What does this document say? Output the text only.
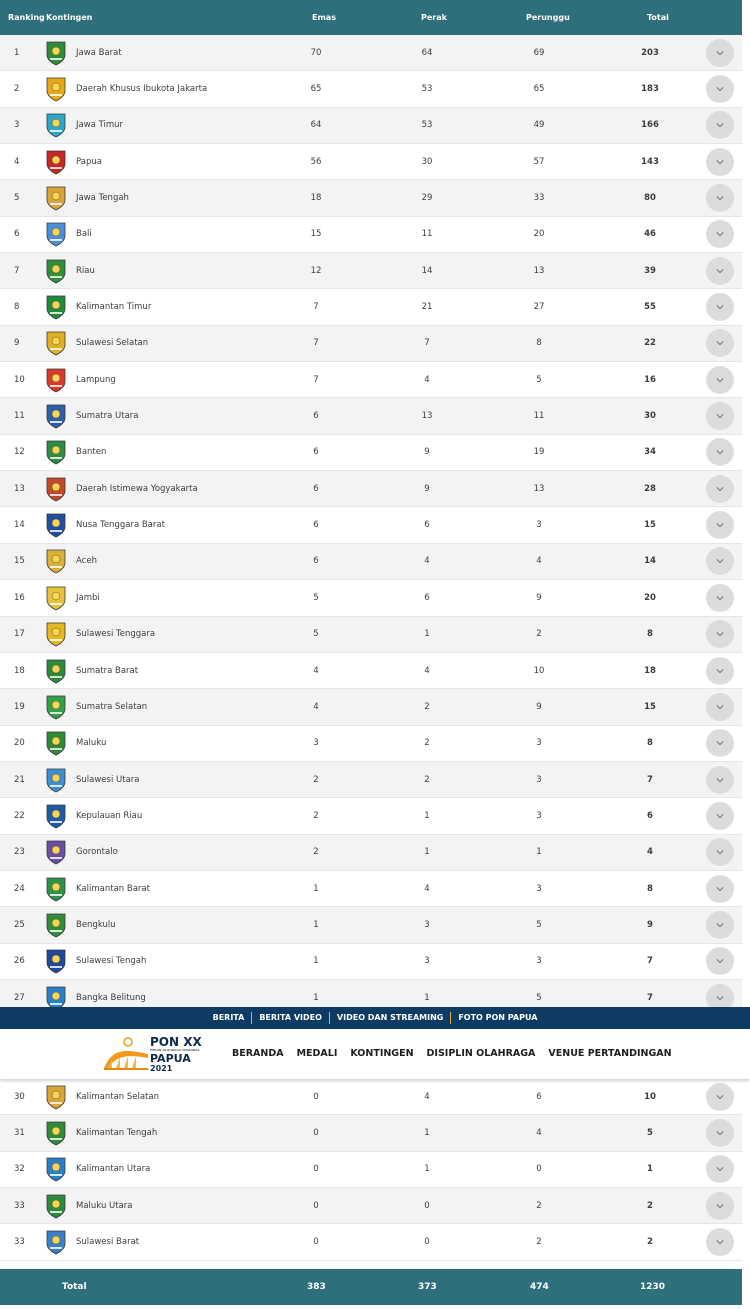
Ranking Kontingen	Emas	Perak	Perunggu	Total
1	Jawa Barat	70	64	69	203
2	Daerah Khusus Ibukota Jakarta	65	53	65	183
3	Jawa Timur	64	53	49	166
4	Papua	56	30	57	143
5	Jawa Tengah	18	29	33	80
6	Bali	15	11	20	46
7	Riau	12	14	13	39
8	Kalimantan Timur	7	21	27	55
9	Sulawesi Selatan	7	7	8	22
10	Lampung	7	4	5	16
11	Sumatra Utara	6	13	11	30
12	Banten	6	9	19	34
13	Daerah Istimewa Yogyakarta	6	9	13	28
14	Nusa Tenggara Barat	6	6	3	15
15	Aceh	6	4	4	14
16	Jambi	5	6	9	20
17	Sulawesi Tenggara	5	1	2	8
18	Sumatra Barat	4	4	10	18
19	Sumatra Selatan	4	2	9	15
20	Maluku	3	2	3	8
21	Sulawesi Utara	2	2	3	7
22	Kepulauan Riau	2	1	3	6
23	Gorontalo	2	1	1	4
24	Kalimantan Barat	1	4	3	8
25	Bengkulu	1	3	5	9
26	Sulawesi Tengah	1	3	3	7
27	Bangka Belitung	1	1	5	7
30	Kalimantan Selatan	0	4	6	10
31	Kalimantan Tengah	0	1	4	5
32	Kalimantan Utara	0	1	0	1
33	Maluku Utara	0	0	2	2
33	Sulawesi Barat	0	0	2	2
Total	383	373	474	1230
BERITA	BERITA VIDEO	VIDEO DAN STREAMING	FOTO PON PAPUA
PON XX
PEKAN OLAHRAGA NASIONAL
PAPUA
2021
BERANDA MEDALI KONTINGEN DISIPLIN OLAHRAGA VENUE PERTANDINGAN
